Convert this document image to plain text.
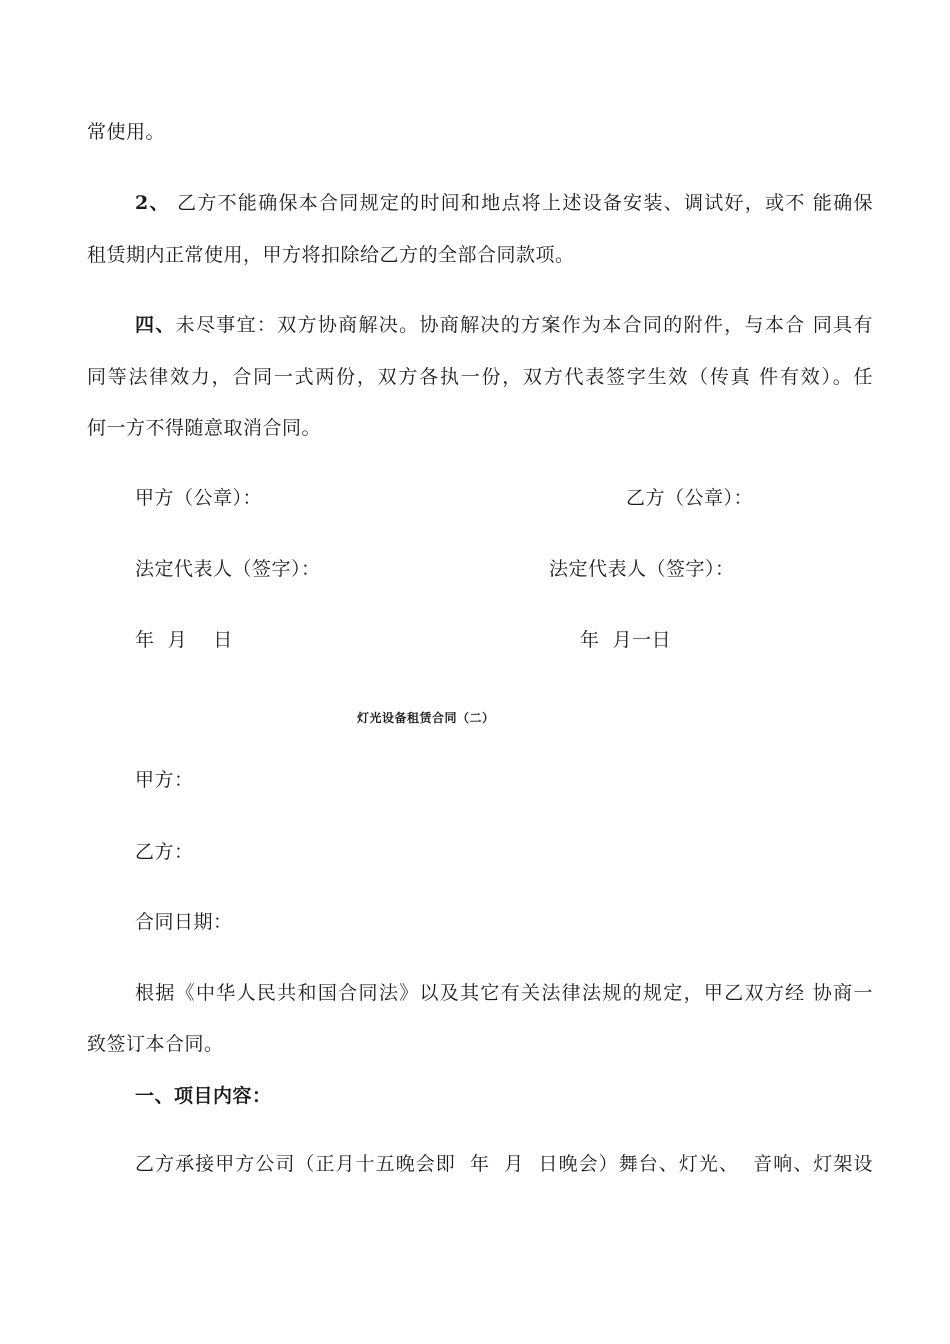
常使用。
2、 乙方不能确保本合同规定的时间和地点将上述设备安装、调试好，或不 能确保
租赁期内正常使用，甲方将扣除给乙方的全部合同款项。
四、未尽事宜：双方协商解决。协商解决的方案作为本合同的附件，与本合 同具有
同等法律效力，合同一式两份，双方各执一份，双方代表签字生效（传真 件有效）。任
何一方不得随意取消合同。
甲方（公章）：	乙方（公章）：
法定代表人（签字）：	法定代表人（签字）：
年  月    日	年  月一日
灯光设备租赁合同（二）
甲方：
乙方：
合同日期：
根据《中华人民共和国合同法》以及其它有关法律法规的规定，甲乙双方经 协商一
致签订本合同。
一、项目内容：
乙方承接甲方公司（正月十五晚会即  年  月  日晚会）舞台、灯光、  音响、灯架设
